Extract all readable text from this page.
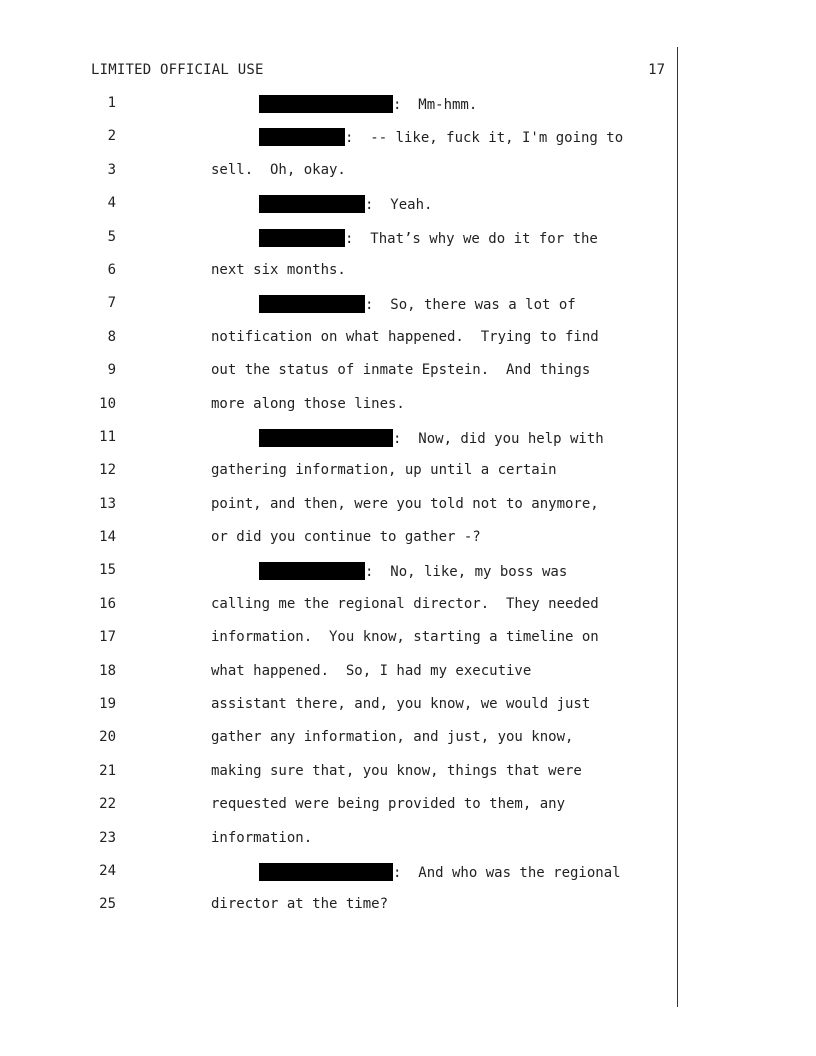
LIMITED OFFICIAL USE	17
1	:  Mm-hmm.
2	:  -- like, fuck it, I'm going to
3	sell.  Oh, okay.
4	:  Yeah.
5	:  That’s why we do it for the
6	next six months.
7	:  So, there was a lot of
8	notification on what happened.  Trying to find
9	out the status of inmate Epstein.  And things
10	more along those lines.
11	:  Now, did you help with
12	gathering information, up until a certain
13	point, and then, were you told not to anymore,
14	or did you continue to gather -?
15	:  No, like, my boss was
16	calling me the regional director.  They needed
17	information.  You know, starting a timeline on
18	what happened.  So, I had my executive
19	assistant there, and, you know, we would just
20	gather any information, and just, you know,
21	making sure that, you know, things that were
22	requested were being provided to them, any
23	information.
24	:  And who was the regional
25	director at the time?
